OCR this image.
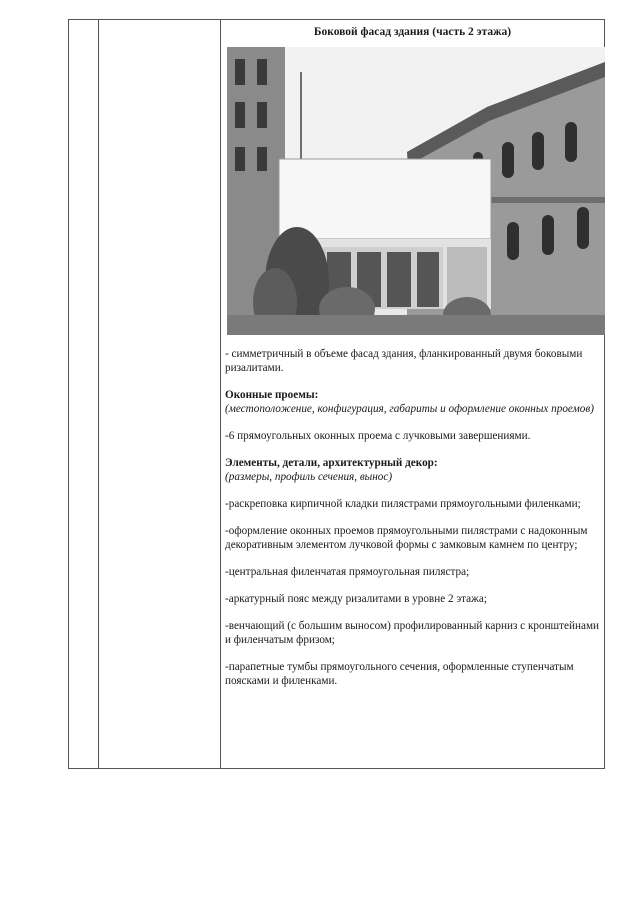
Боковой фасад здания (часть 2 этажа)

- симметричный в объеме фасад здания, фланкированный двумя боковыми ризалитами.

Оконные проемы:
(местоположение, конфигурация, габариты и оформление оконных проемов)

-6 прямоугольных оконных проема с лучковыми завершениями.

Элементы, детали, архитектурный декор:
(размеры, профиль сечения, вынос)

-раскреповка кирпичной кладки пилястрами прямоугольными филенками;

-оформление оконных проемов прямоугольными пилястрами с надоконным декоративным элементом лучковой формы с замковым камнем по центру;

-центральная филенчатая прямоугольная пилястра;

-аркатурный пояс между ризалитами в уровне 2 этажа;

-венчающий (с большим выносом) профилированный карниз с кронштейнами и филенчатым фризом;

-парапетные тумбы прямоугольного сечения, оформленные ступенчатым поясками и филенками.
